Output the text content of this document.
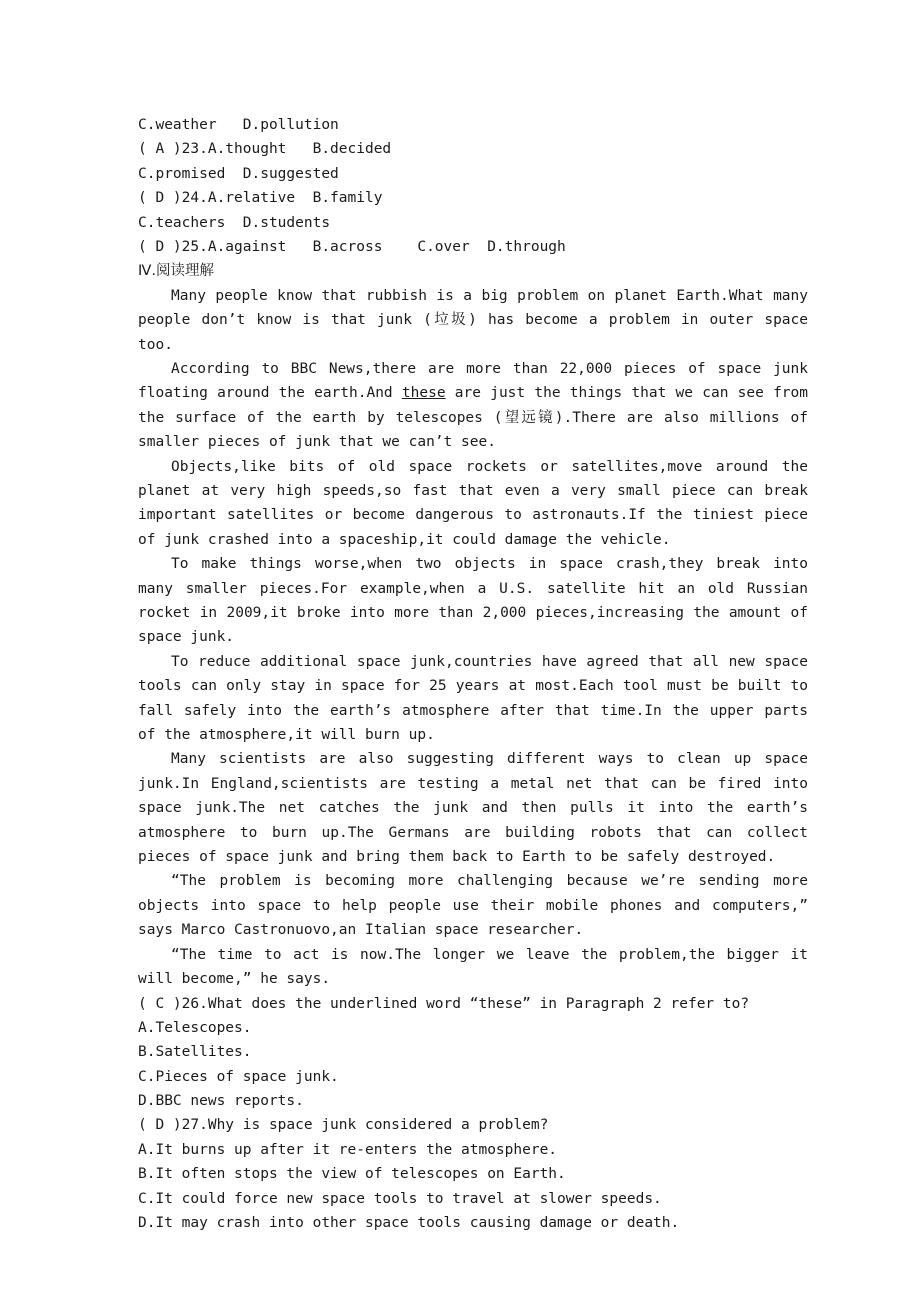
C.weather   D.pollution
( A )23.A.thought   B.decided
C.promised  D.suggested
( D )24.A.relative  B.family
C.teachers  D.students
( D )25.A.against   B.across    C.over  D.through
Ⅳ.阅读理解
Many people know that rubbish is a big problem on planet Earth.What many people don’t know is that junk (垃圾) has become a problem in outer space too.
According to BBC News,there are more than 22,000 pieces of space junk floating around the earth.And these are just the things that we can see from the surface of the earth by telescopes (望远镜).There are also millions of smaller pieces of junk that we can’t see.
Objects,like bits of old space rockets or satellites,move around the planet at very high speeds,so fast that even a very small piece can break important satellites or become dangerous to astronauts.If the tiniest piece of junk crashed into a spaceship,it could damage the vehicle.
To make things worse,when two objects in space crash,they break into many smaller pieces.For example,when a U.S. satellite hit an old Russian rocket in 2009,it broke into more than 2,000 pieces,increasing the amount of space junk.
To reduce additional space junk,countries have agreed that all new space tools can only stay in space for 25 years at most.Each tool must be built to fall safely into the earth’s atmosphere after that time.In the upper parts of the atmosphere,it will burn up.
Many scientists are also suggesting different ways to clean up space junk.In England,scientists are testing a metal net that can be fired into space junk.The net catches the junk and then pulls it into the earth’s atmosphere to burn up.The Germans are building robots that can collect pieces of space junk and bring them back to Earth to be safely destroyed.
“The problem is becoming more challenging because we’re sending more objects into space to help people use their mobile phones and computers,” says Marco Castronuovo,an Italian space researcher.
“The time to act is now.The longer we leave the problem,the bigger it will become,” he says.
( C )26.What does the underlined word “these” in Paragraph 2 refer to?
A.Telescopes.
B.Satellites.
C.Pieces of space junk.
D.BBC news reports.
( D )27.Why is space junk considered a problem?
A.It burns up after it re-enters the atmosphere.
B.It often stops the view of telescopes on Earth.
C.It could force new space tools to travel at slower speeds.
D.It may crash into other space tools causing damage or death.
